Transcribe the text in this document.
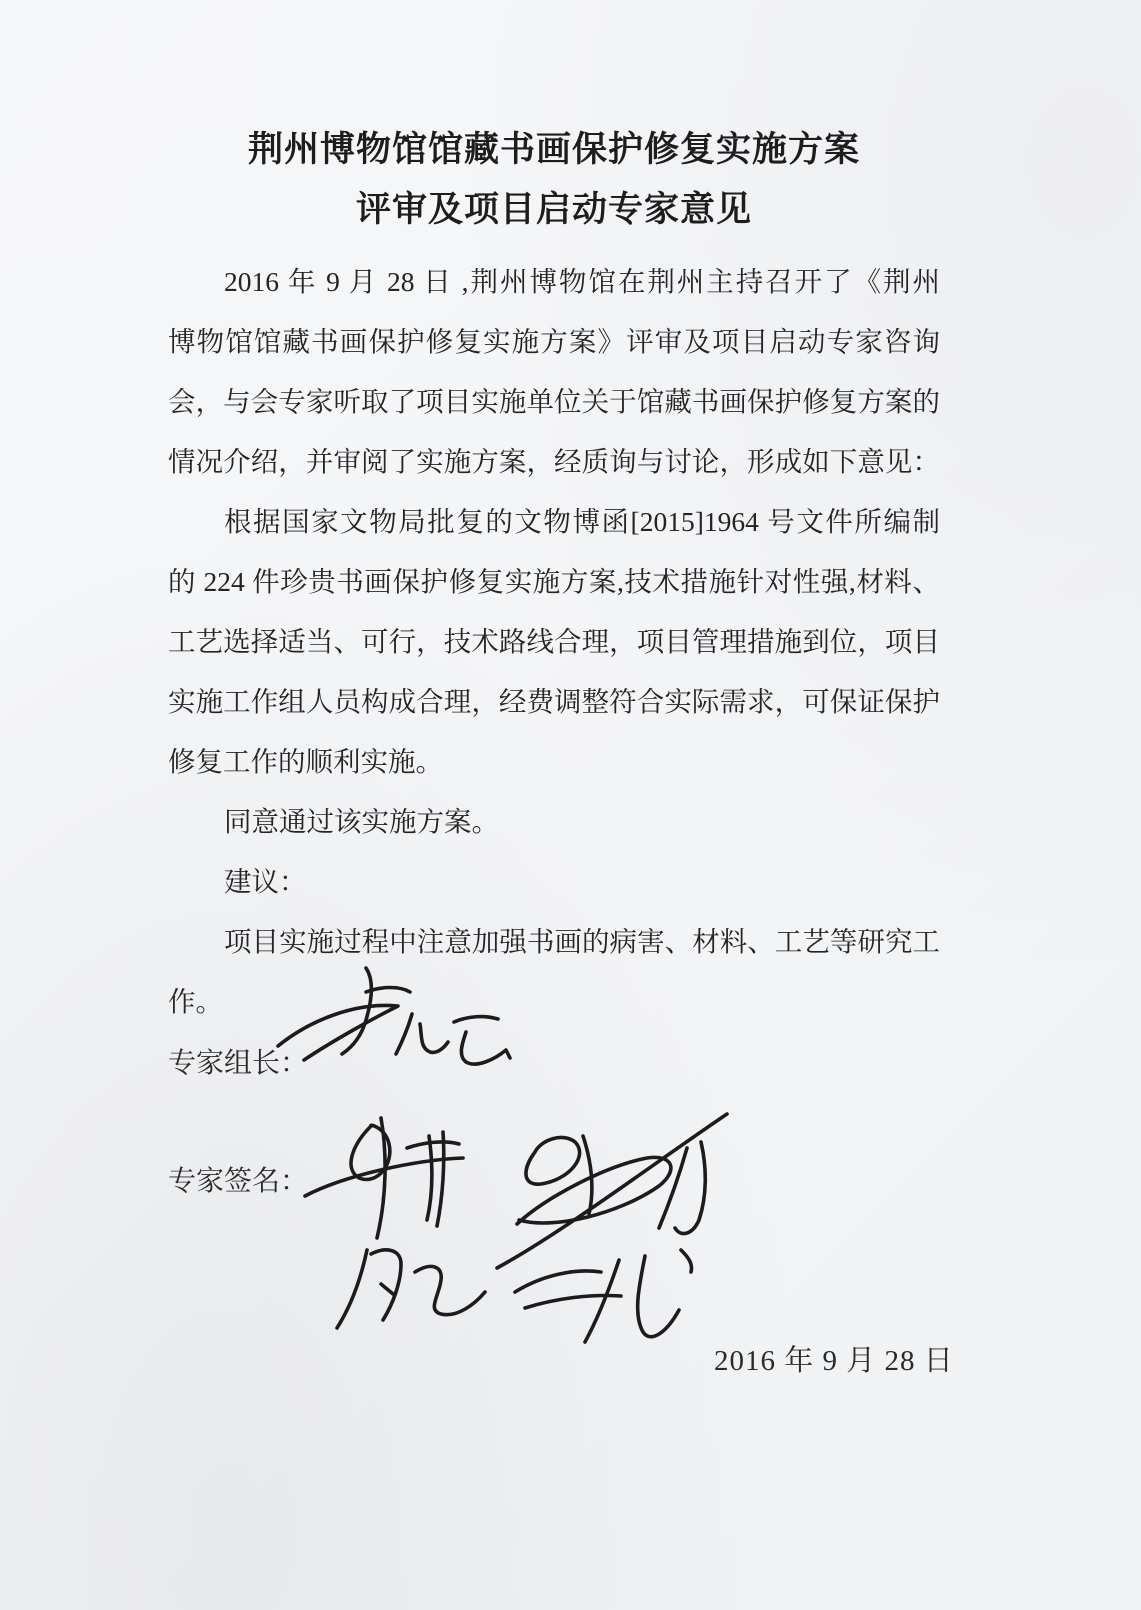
荆州博物馆馆藏书画保护修复实施方案
评审及项目启动专家意见
2016 年 9 月 28 日 ,荆州博物馆在荆州主持召开了《荆州
博物馆馆藏书画保护修复实施方案》评审及项目启动专家咨询
会，与会专家听取了项目实施单位关于馆藏书画保护修复方案的
情况介绍，并审阅了实施方案，经质询与讨论，形成如下意见：
根据国家文物局批复的文物博函[2015]1964 号文件所编制
的 224 件珍贵书画保护修复实施方案,技术措施针对性强,材料、
工艺选择适当、可行，技术路线合理，项目管理措施到位，项目
实施工作组人员构成合理，经费调整符合实际需求，可保证保护
修复工作的顺利实施。
同意通过该实施方案。
建议：
项目实施过程中注意加强书画的病害、材料、工艺等研究工
作。
专家组长：
专家签名：
2016 年 9 月 28 日
